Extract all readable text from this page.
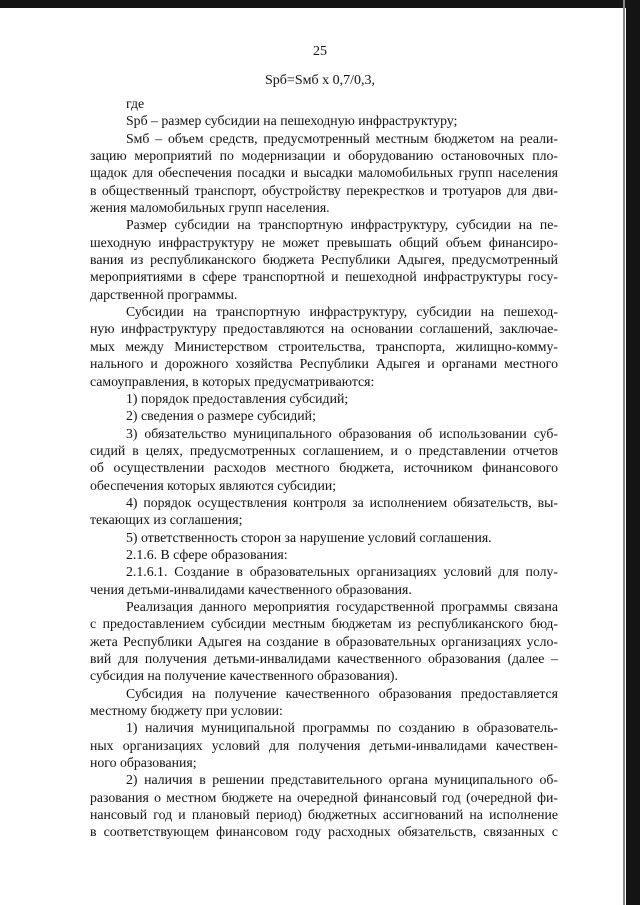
25
Sрб=Sмб х 0,7/0,3,
где
Sрб – размер субсидии на пешеходную инфраструктуру;
Sмб – объем средств, предусмотренный местным бюджетом на реали-
зацию мероприятий по модернизации и оборудованию остановочных пло-
щадок для обеспечения посадки и высадки маломобильных групп населения
в общественный транспорт, обустройству перекрестков и тротуаров для дви-
жения маломобильных групп населения.
Размер субсидии на транспортную инфраструктуру, субсидии на пе-
шеходную инфраструктуру не может превышать общий объем финансиро-
вания из республиканского бюджета Республики Адыгея, предусмотренный
мероприятиями в сфере транспортной и пешеходной инфраструктуры госу-
дарственной программы.
Субсидии на транспортную инфраструктуру, субсидии на пешеход-
ную инфраструктуру предоставляются на основании соглашений, заключае-
мых между Министерством строительства, транспорта, жилищно-комму-
нального и дорожного хозяйства Республики Адыгея и органами местного
самоуправления, в которых предусматриваются:
1) порядок предоставления субсидий;
2) сведения о размере субсидий;
3) обязательство муниципального образования об использовании суб-
сидий в целях, предусмотренных соглашением, и о представлении отчетов
об осуществлении расходов местного бюджета, источником финансового
обеспечения которых являются субсидии;
4) порядок осуществления контроля за исполнением обязательств, вы-
текающих из соглашения;
5) ответственность сторон за нарушение условий соглашения.
2.1.6. В сфере образования:
2.1.6.1. Создание в образовательных организациях условий для полу-
чения детьми-инвалидами качественного образования.
Реализация данного мероприятия государственной программы связана
с предоставлением субсидии местным бюджетам из республиканского бюд-
жета Республики Адыгея на создание в образовательных организациях усло-
вий для получения детьми-инвалидами качественного образования (далее –
субсидия на получение качественного образования).
Субсидия на получение качественного образования предоставляется
местному бюджету при условии:
1) наличия муниципальной программы по созданию в образователь-
ных организациях условий для получения детьми-инвалидами качествен-
ного образования;
2) наличия в решении представительного органа муниципального об-
разования о местном бюджете на очередной финансовый год (очередной фи-
нансовый год и плановый период) бюджетных ассигнований на исполнение
в соответствующем финансовом году расходных обязательств, связанных с
